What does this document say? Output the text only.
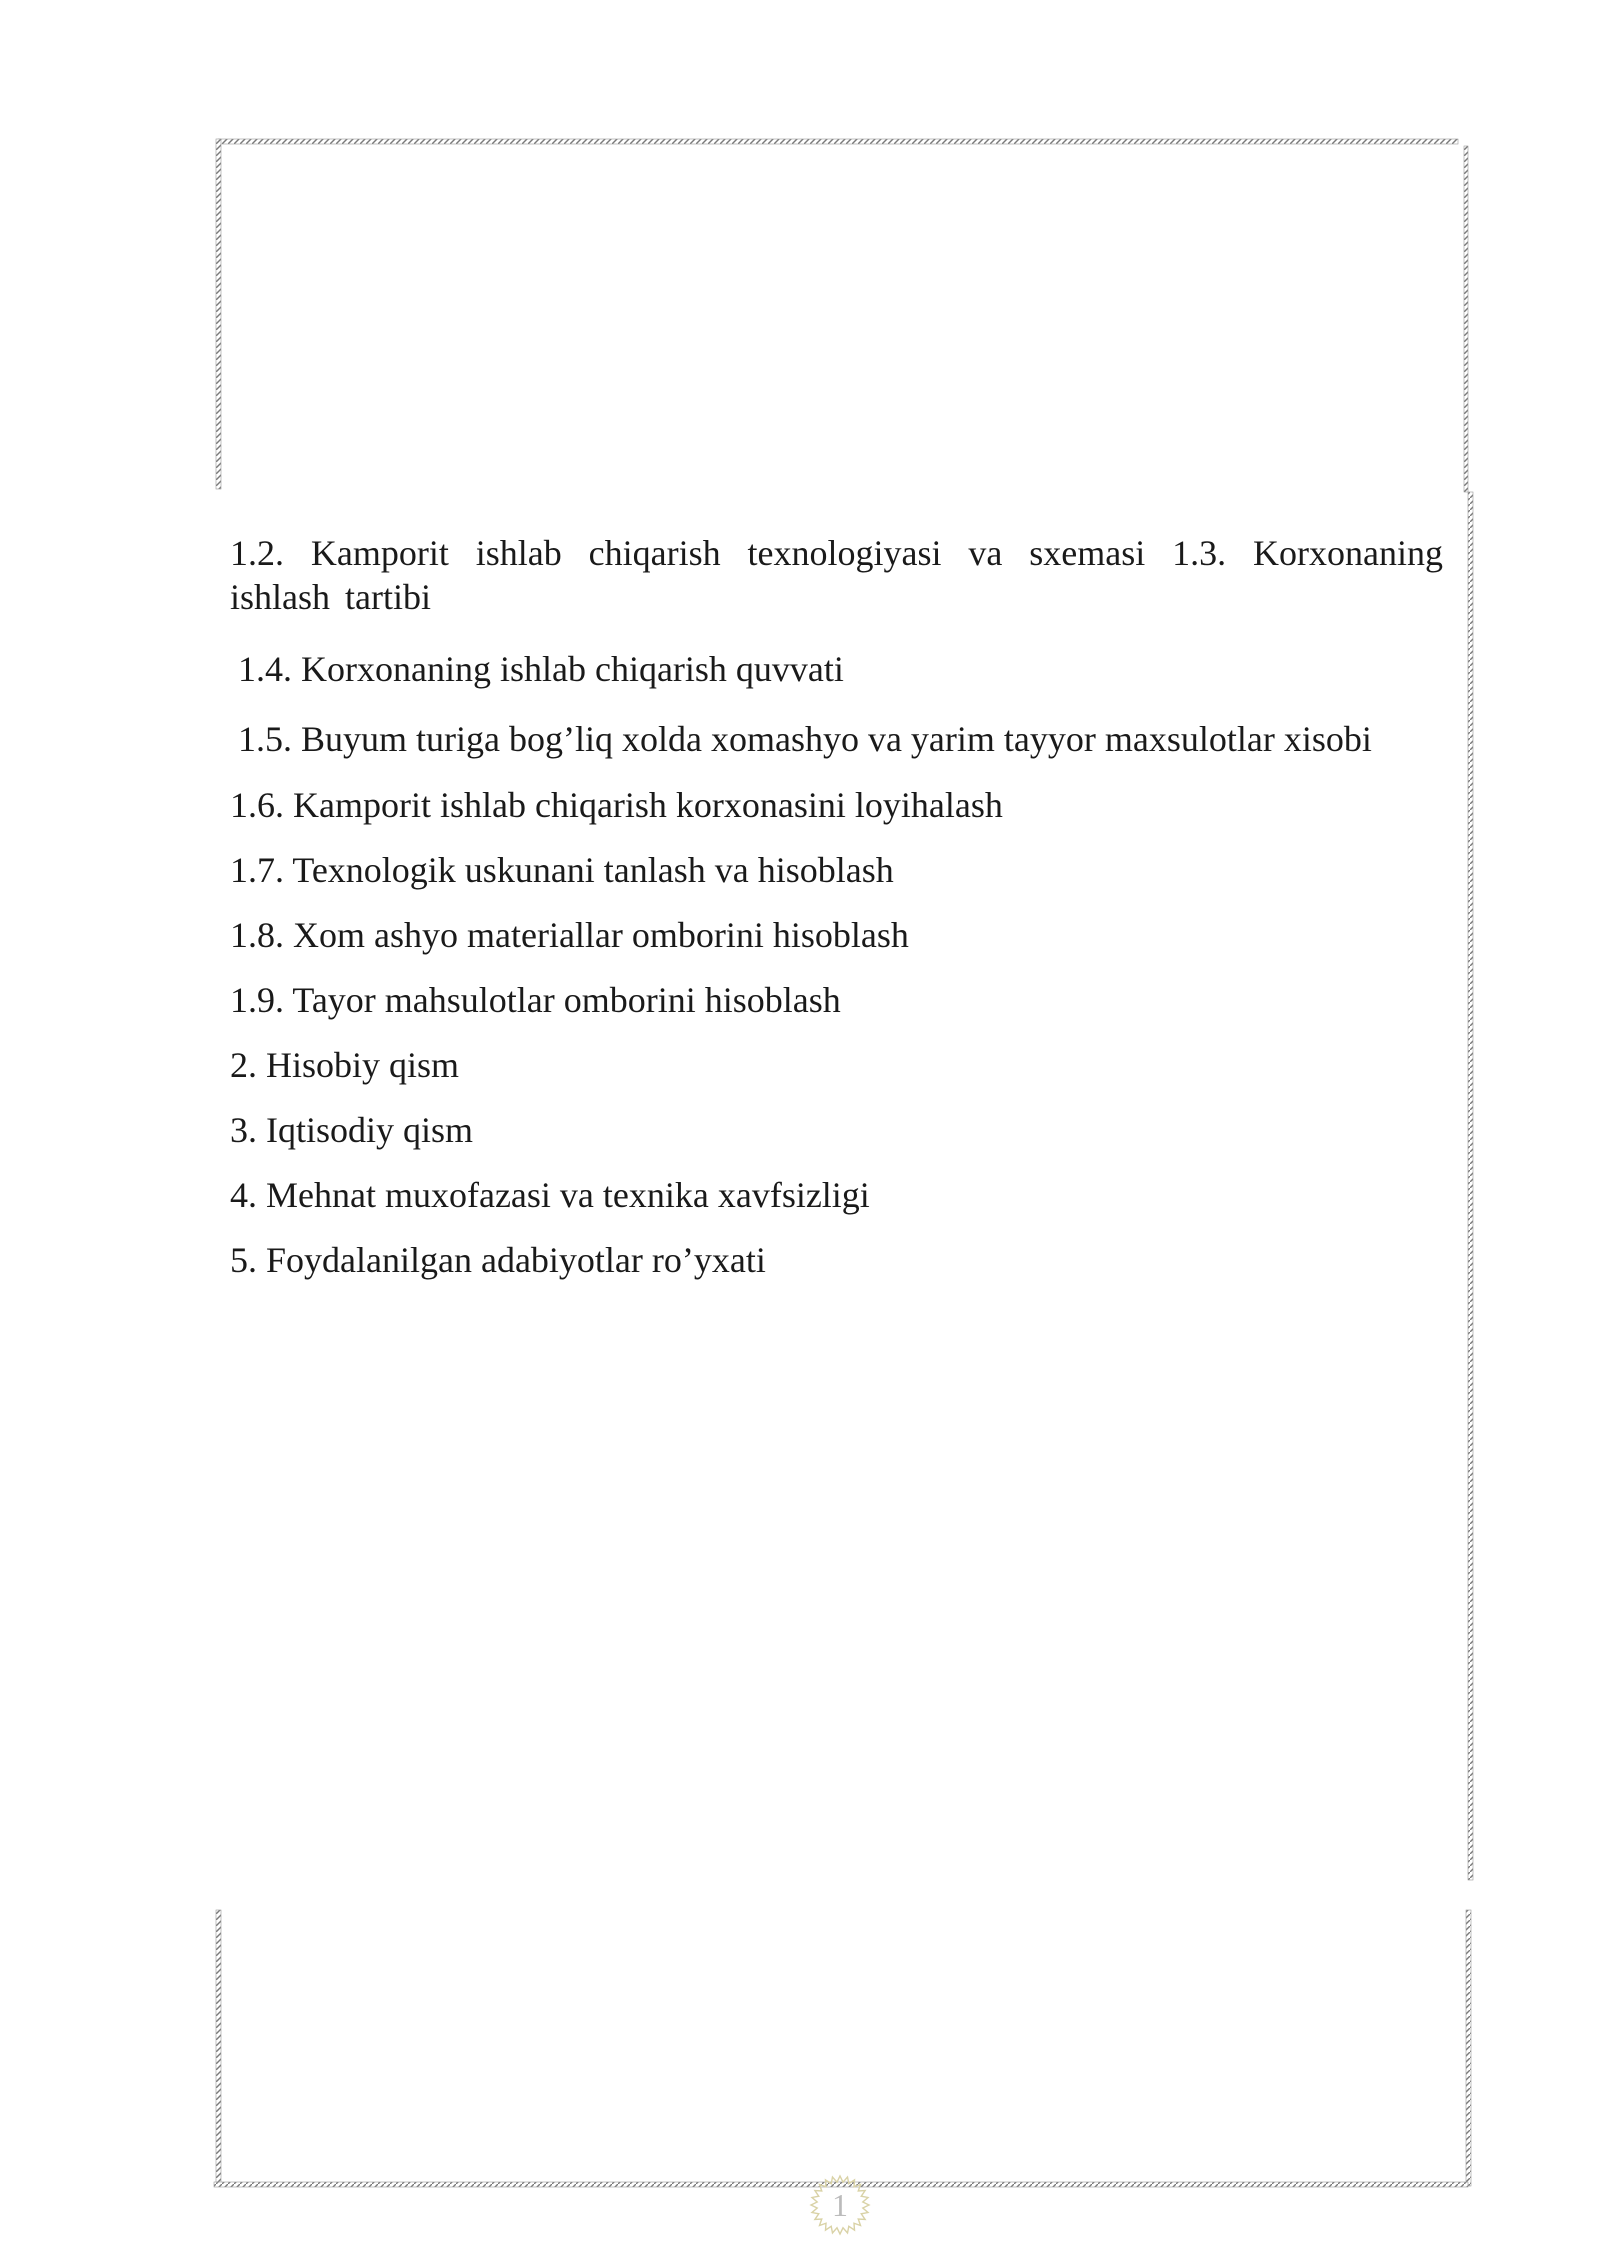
1.2. Kamporit ishlab chiqarish texnologiyasi va sxemasi 1.3. Korxonaning ishlash tartibi

1.4. Korxonaning ishlab chiqarish quvvati

1.5. Buyum turiga bog’liq xolda xomashyo va yarim tayyor maxsulotlar xisobi

1.6. Kamporit ishlab chiqarish korxonasini loyihalash

1.7. Texnologik uskunani tanlash va hisoblash

1.8. Xom ashyo materiallar omborini hisoblash

1.9. Tayor mahsulotlar omborini hisoblash

2. Hisobiy qism

3. Iqtisodiy qism

4. Mehnat muxofazasi va texnika xavfsizligi

5. Foydalanilgan adabiyotlar ro’yxati

1
